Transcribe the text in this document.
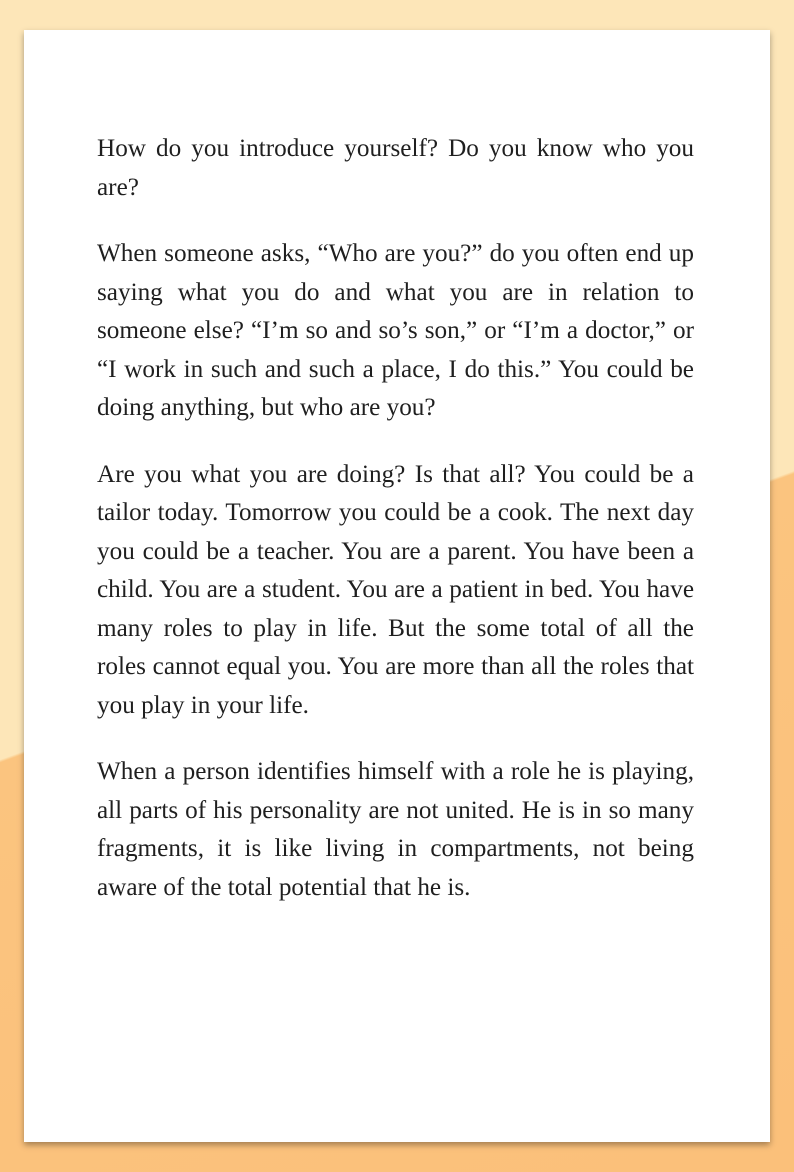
How do you introduce yourself? Do you know who you are?

When someone asks, “Who are you?” do you often end up saying what you do and what you are in relation to someone else? “I’m so and so’s son,” or “I’m a doctor,” or “I work in such and such a place, I do this.” You could be doing anything, but who are you?

Are you what you are doing? Is that all? You could be a tailor today. Tomorrow you could be a cook. The next day you could be a teacher. You are a parent. You have been a child. You are a student. You are a patient in bed. You have many roles to play in life. But the some total of all the roles cannot equal you. You are more than all the roles that you play in your life.

When a person identifies himself with a role he is playing, all parts of his personality are not united. He is in so many fragments, it is like living in compartments, not being aware of the total potential that he is.
